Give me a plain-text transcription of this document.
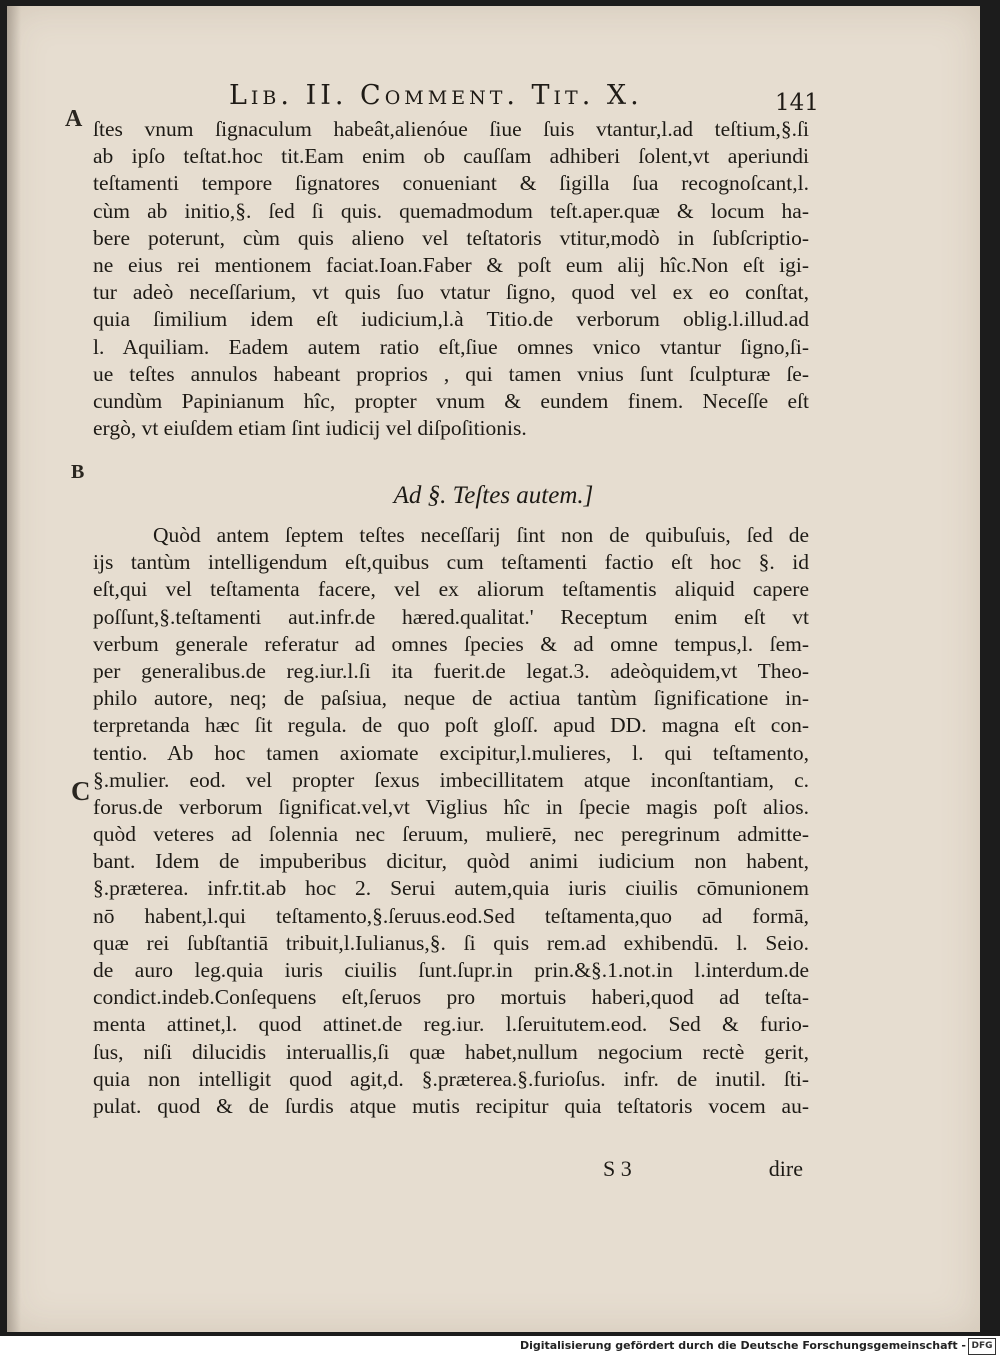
Lib. II. Comment. Tit. X.	141
A
B
C
ſtes vnum ſignaculum habeât,alienóue ſiue ſuis vtantur,l.ad teſtium,§.ſi
ab ipſo teſtat.hoc tit.Eam enim ob cauſſam adhiberi ſolent,vt aperiundi
teſtamenti tempore ſignatores conueniant & ſigilla ſua recognoſcant,l.
cùm ab initio,§. ſed ſi quis. quemadmodum teſt.aper.quæ & locum ha-
bere poterunt, cùm quis alieno vel teſtatoris vtitur,modò in ſubſcriptio-
ne eius rei mentionem faciat.Ioan.Faber & poſt eum alij hîc.Non eſt igi-
tur adeò neceſſarium, vt quis ſuo vtatur ſigno, quod vel ex eo conſtat,
quia ſimilium idem eſt iudicium,l.à Titio.de verborum oblig.l.illud.ad
l. Aquiliam. Eadem autem ratio eſt,ſiue omnes vnico vtantur ſigno,ſi-
ue teſtes annulos habeant proprios , qui tamen vnius ſunt ſculpturæ ſe-
cundùm Papinianum hîc, propter vnum & eundem finem. Neceſſe eſt
ergò, vt eiuſdem etiam ſint iudicij vel diſpoſitionis.
Ad §. Teſtes autem.]
Quòd antem ſeptem teſtes neceſſarij ſint non de quibuſuis, ſed de
ijs tantùm intelligendum eſt,quibus cum teſtamenti factio eſt hoc §. id
eſt,qui vel teſtamenta facere, vel ex aliorum teſtamentis aliquid capere
poſſunt,§.teſtamenti aut.infr.de hæred.qualitat.' Receptum enim eſt vt
verbum generale referatur ad omnes ſpecies & ad omne tempus,l. ſem-
per generalibus.de reg.iur.l.ſi ita fuerit.de legat.3. adeòquidem,vt Theo-
philo autore, neq; de paſsiua, neque de actiua tantùm ſignificatione in-
terpretanda hæc ſit regula. de quo poſt gloſſ. apud DD. magna eſt con-
tentio. Ab hoc tamen axiomate excipitur,l.mulieres, l. qui teſtamento,
§.mulier. eod. vel propter ſexus imbecillitatem atque inconſtantiam, c.
forus.de verborum ſignificat.vel,vt Viglius hîc in ſpecie magis poſt alios.
quòd veteres ad ſolennia nec ſeruum, mulierē, nec peregrinum admitte-
bant. Idem de impuberibus dicitur, quòd animi iudicium non habent,
§.præterea. infr.tit.ab hoc 2. Serui autem,quia iuris ciuilis cōmunionem
nō habent,l.qui teſtamento,§.ſeruus.eod.Sed teſtamenta,quo ad formā,
quæ rei ſubſtantiā tribuit,l.Iulianus,§. ſi quis rem.ad exhibendū. l. Seio.
de auro leg.quia iuris ciuilis ſunt.ſupr.in prin.&§.1.not.in l.interdum.de
condict.indeb.Conſequens eſt,ſeruos pro mortuis haberi,quod ad teſta-
menta attinet,l. quod attinet.de reg.iur. l.ſeruitutem.eod. Sed & furio-
ſus, niſi dilucidis interuallis,ſi quæ habet,nullum negocium rectè gerit,
quia non intelligit quod agit,d. §.præterea.§.furioſus. infr. de inutil. ſti-
pulat. quod & de ſurdis atque mutis recipitur quia teſtatoris vocem au-
S 3	dire
Digitalisierung gefördert durch die Deutsche Forschungsgemeinschaft - DFG
